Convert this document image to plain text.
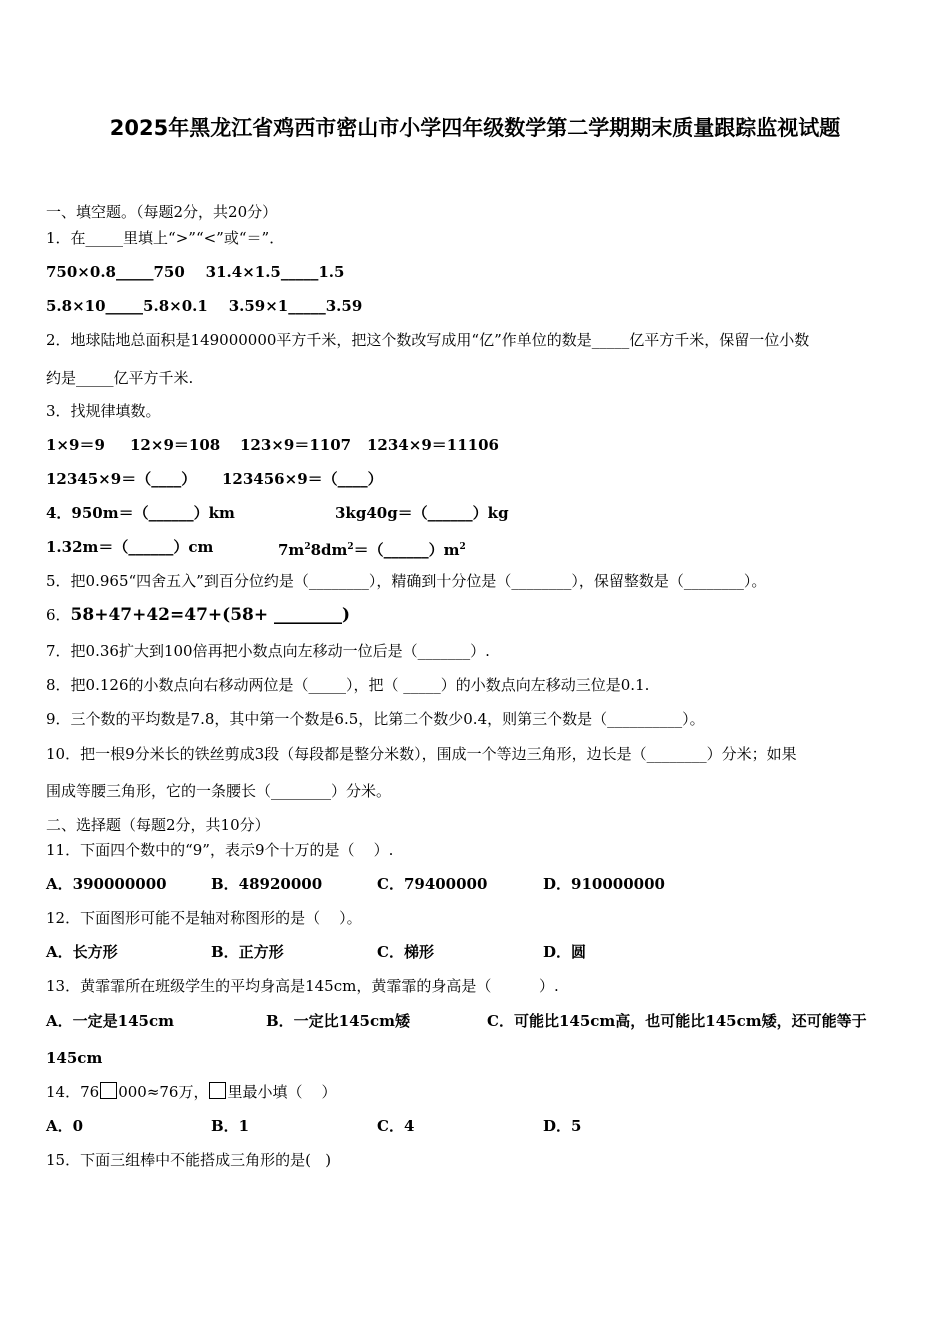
2025年黑龙江省鸡西市密山市小学四年级数学第二学期期末质量跟踪监视试题
一、填空题。（每题2分，共20分）
1．在_____里填上“>”“<”或“＝”．
750×0.8_____750    31.4×1.5_____1.5
5.8×10_____5.8×0.1    3.59×1_____3.59
2．地球陆地总面积是149000000平方千米，把这个数改写成用“亿”作单位的数是_____亿平方千米，保留一位小数
约是_____亿平方千米.
3．找规律填数。
1×9＝9 12×9＝108 123×9＝1107 1234×9＝11106
12345×9＝（____） 123456×9＝（____）
4．950m＝（______）km	3kg40g＝（______）kg
1.32m＝（______）cm	$7m^28dm^2=(\_\_\_\_\_\_)m^2$
5．把0.965“四舍五入”到百分位约是（________），精确到十分位是（________），保留整数是（________）。
6．58+47+42=47+(58+ ________)
7．把0.36扩大到100倍再把小数点向左移动一位后是（_______）.
8．把0.126的小数点向右移动两位是（_____），把（ _____）的小数点向左移动三位是0.1.
9．三个数的平均数是7.8，其中第一个数是6.5，比第二个数少0.4，则第三个数是（__________）。
10．把一根9分米长的铁丝剪成3段（每段都是整分米数），围成一个等边三角形，边长是（________）分米；如果
围成等腰三角形，它的一条腰长（________）分米。
二、选择题（每题2分，共10分）
11．下面四个数中的“9”，表示9个十万的是（    ）.
A．390000000	B．48920000	C．79400000	D．910000000
12．下面图形可能不是轴对称图形的是（    ）。
A．长方形	B．正方形	C．梯形	D．圆
13．黄霏霏所在班级学生的平均身高是145cm，黄霏霏的身高是（          ）.
A．一定是145cm	B．一定比145cm矮	C．可能比145cm高，也可能比145cm矮，还可能等于
145cm
14．76 000≈76万， 里最小填（    ）
A．0	B．1	C．4	D．5
15．下面三组棒中不能搭成三角形的是(   )
